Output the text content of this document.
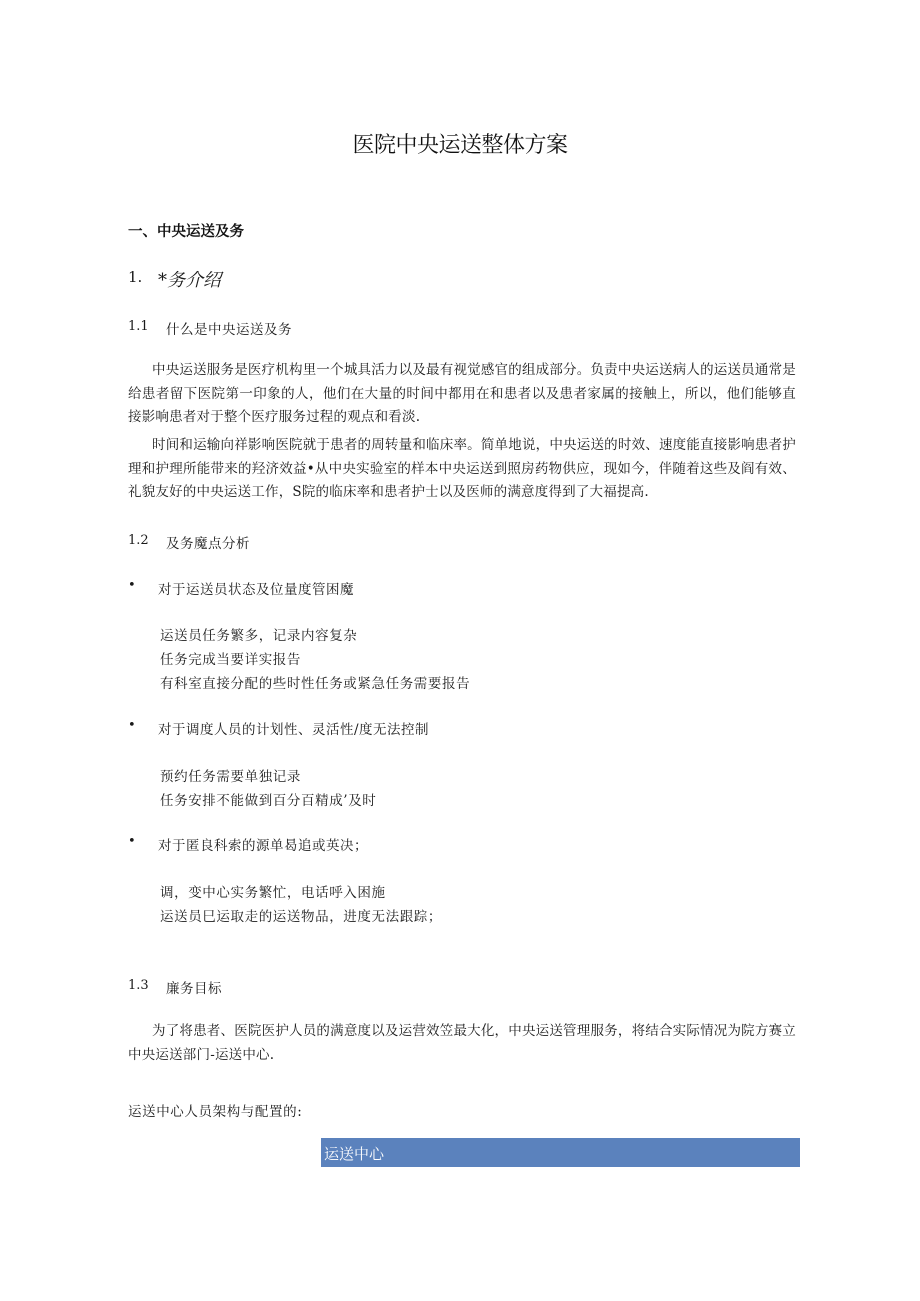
医院中央运送整体方案
一、中央运送及务
1. *务介绍
1.1 什么是中央运送及务

中央运送服务是医疗机构里一个城具活力以及最有视觉感官的组成部分。负责中央运送病人的运送员通常是给患者留下医院第一印象的人，他们在大量的时间中都用在和患者以及患者家属的接触上，所以，他们能够直接影响患者对于整个医疗服务过程的观点和看淡.

时间和运输向祥影响医院就于患者的周转量和临床率。简单地说，中央运送的时效、速度能直接影响患者护理和护理所能带来的羟济效益•从中央实验室的样本中央运送到照房药物供应，现如今，伴随着这些及阎有效、礼貌友好的中央运送工作，S院的临床率和患者护士以及医师的满意度得到了大福提高.

1.2 及务魔点分析
• 对于运送员状态及位量度管困魔
运送员任务繁多，记录内容复杂
任务完成当要详实报告
有科室直接分配的些时性任务或紧急任务需要报告
• 对于调度人员的计划性、灵活性/度无法控制
预约任务需要单独记录
任务安排不能做到百分百精成’及时
• 对于匿良科索的源单曷追或英决；
调，变中心实务繁忙，电话呼入困施
运送员巳运取走的运送物品，进度无法跟踪；
1.3 廉务目标

为了将患者、医院医护人员的满意度以及运营效笠最大化，中央运送管理服务，将结合实际情况为院方赛立中央运送部门-运送中心.

运送中心人员架构与配置的:
运送中心
